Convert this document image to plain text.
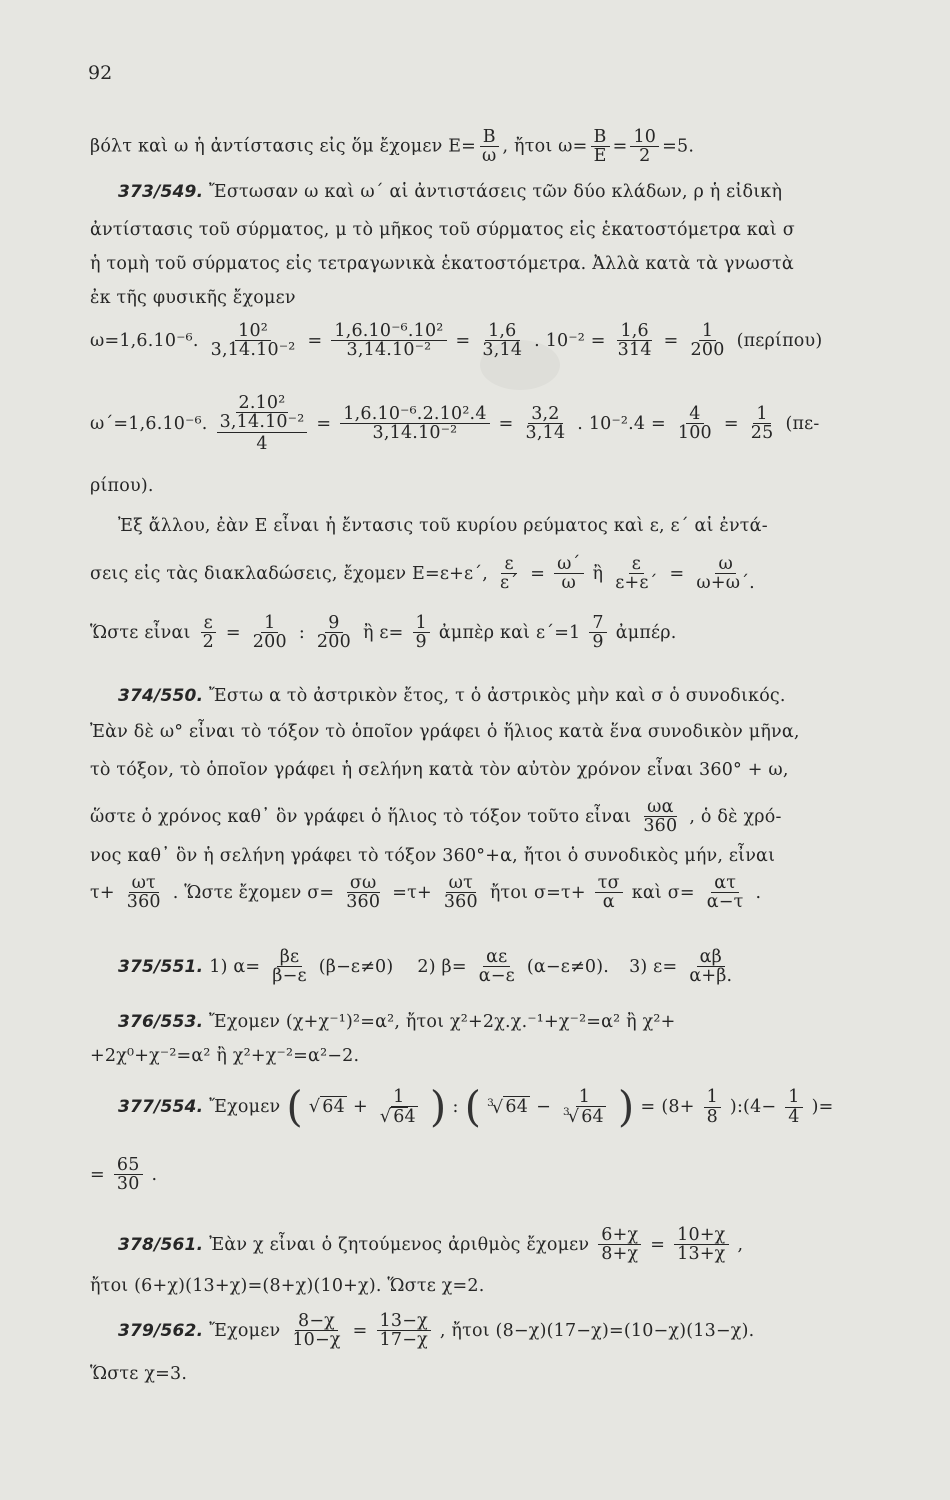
92
βόλτ καὶ ω ἡ ἀντίστασις εἰς ὅμ ἔχομεν $E= \frac{B}{\omega}$ , ἤτοι $\omega= \frac{B}{E} = \frac{10}{2} =5$.
373/549. Ἔστωσαν ω καὶ ω΄ αἱ ἀντιστάσεις τῶν δύο κλάδων, ρ ἡ εἰδικὴ
ἀντίστασις τοῦ σύρματος, μ τὸ μῆκος τοῦ σύρματος εἰς ἑκατοστόμετρα καὶ σ
ἡ τομὴ τοῦ σύρματος εἰς τετραγωνικὰ ἑκατοστόμετρα. Ἀλλὰ κατὰ τὰ γνωστὰ
ἐκ τῆς φυσικῆς ἔχομεν
ω=1,6.10⁻⁶. $\frac{\text{10²}}{\text{3,14.10⁻²}} = \frac{\text{1,6.10⁻⁶.10²}}{\text{3,14.10⁻²}} = \frac{1,6}{3,14}$ . $10^{-2} = \frac{1,6}{314} = \frac{1}{200} (\pi\varepsilon\rho ί\pi o\upsilon)$
ω΄=1,6.10⁻⁶.
2.10²
3,14.10⁻²
4
= $\frac{\text{1,6.10⁻⁶.2.10².4}}{\text{3,14.10⁻²}} = \frac{3,2}{3,14}$ . $10^{-2}.4 = \frac{4}{100} = \frac{1}{25} (\pi\varepsilon-$
ρίπου).
Ἐξ ἄλλου, ἐὰν Ε εἶναι ἡ ἔντασις τοῦ κυρίου ρεύματος καὶ ε, ε΄ αἱ ἐντά-
σεις εἰς τὰς διακλαδώσεις, ἔχομεν Ε=ε+ε΄, $\frac{\varepsilon}{\varepsilon΄} = \frac{\omega΄}{\omega}$ ἢ $\frac{\varepsilon}{\varepsilon+\varepsilon΄} = \frac{\omega}{\omega+\omega΄.}$
Ὥστε εἶναι $\frac{\varepsilon}{2} = \frac{1}{200}$ : $\frac{9}{200}$ ἢ $\varepsilon= \frac{1}{9}$ ἀμπὲρ καὶ $\varepsilon΄=1 \frac{7}{9}$ ἀμπέρ.
374/550. Ἔστω α τὸ ἀστρικὸν ἔτος, τ ὁ ἀστρικὸς μὴν καὶ σ ὁ συνοδικός.
Ἐὰν δὲ ω° εἶναι τὸ τόξον τὸ ὁποῖον γράφει ὁ ἥλιος κατὰ ἕνα συνοδικὸν μῆνα,
τὸ τόξον, τὸ ὁποῖον γράφει ἡ σελήνη κατὰ τὸν αὐτὸν χρόνον εἶναι 360° + ω,
ὥστε ὁ χρόνος καθ᾽ ὃν γράφει ὁ ἥλιος τὸ τόξον τοῦτο εἶναι $\frac{\omega\alpha}{360}$ , ὁ δὲ χρό-
νος καθ᾽ ὃν ἡ σελήνη γράφει τὸ τόξον 360°+α, ἤτοι ὁ συνοδικὸς μήν, εἶναι
$\tau+ \frac{\omega\tau}{360}$ . Ὥστε ἔχομεν $\sigma= \frac{\sigma\omega}{360} =\tau+ \frac{\omega\tau}{360}$ ἤτοι $\sigma=\tau+ \frac{\tau\sigma}{\alpha}$ καὶ $\sigma= \frac{\alpha\tau}{\alpha-\tau}$ .
375/551. 1) $\alpha= \frac{\beta\varepsilon}{\beta-\varepsilon} (\beta-\varepsilon\ne 0)$ 2) $\beta= \frac{\alpha\varepsilon}{\alpha-\varepsilon} (\alpha-\varepsilon\ne 0)$. 3) $\varepsilon= \frac{\alpha\beta}{\alpha+\beta.}$
376/553. Ἔχομεν (χ+χ⁻¹)²=α², ἤτοι χ²+2χ.χ.⁻¹+χ⁻²=α² ἢ χ²+
+2χ⁰+χ⁻²=α² ἢ χ²+χ⁻²=α²−2.
377/554. Ἔχομεν ( √ $64 + \frac{1}{√ 64}$ ) : ( $^3$√ $64 - \frac{1}{^3√ 64}$ ) = ($8+ \frac{1}{8}$ ):(4− $\frac{1}{4}$ )=
= $\frac{65}{30}$ .
378/561. Ἐὰν χ εἶναι ὁ ζητούμενος ἀριθμὸς ἔχομεν $\frac{6+\chi}{8+\chi} = \frac{10+\chi}{13+\chi}$ ,
ἤτοι (6+χ)(13+χ)=(8+χ)(10+χ). Ὥστε χ=2.
379/562. Ἔχομεν $\frac{8-\chi}{10-\chi} = \frac{13-\chi}{17-\chi}$ , ἤτοι (8−χ)(17−χ)=(10−χ)(13−χ).
Ὥστε χ=3.
